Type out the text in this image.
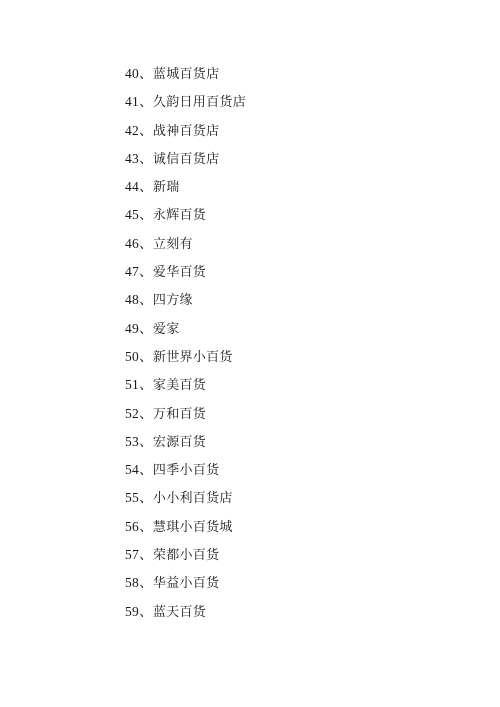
40、蓝城百货店
41、久韵日用百货店
42、战神百货店
43、诚信百货店
44、新瑞
45、永辉百货
46、立刻有
47、爱华百货
48、四方缘
49、爱家
50、新世界小百货
51、家美百货
52、万和百货
53、宏源百货
54、四季小百货
55、小小利百货店
56、慧琪小百货城
57、荣都小百货
58、华益小百货
59、蓝天百货
